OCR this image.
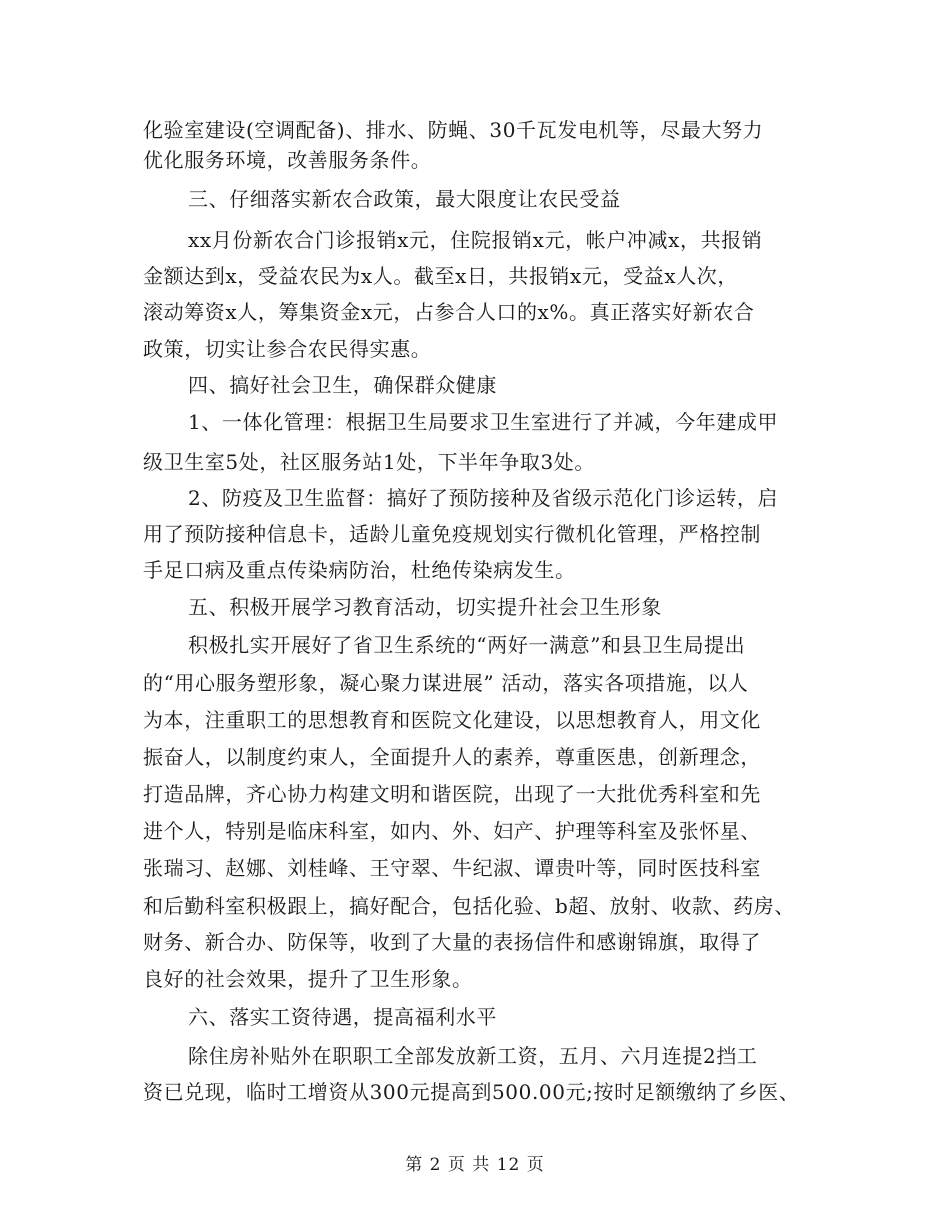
化验室建设(空调配备)、排水、防蝇、30千瓦发电机等，尽最大努力
优化服务环境，改善服务条件。
三、仔细落实新农合政策，最大限度让农民受益
xx月份新农合门诊报销x元，住院报销x元，帐户冲减x，共报销
金额达到x，受益农民为x人。截至x日，共报销x元，受益x人次，
滚动筹资x人，筹集资金x元，占参合人口的x%。真正落实好新农合
政策，切实让参合农民得实惠。
四、搞好社会卫生，确保群众健康
1、一体化管理：根据卫生局要求卫生室进行了并减，今年建成甲
级卫生室5处，社区服务站1处，下半年争取3处。
2、防疫及卫生监督：搞好了预防接种及省级示范化门诊运转，启
用了预防接种信息卡，适龄儿童免疫规划实行微机化管理，严格控制
手足口病及重点传染病防治，杜绝传染病发生。
五、积极开展学习教育活动，切实提升社会卫生形象
积极扎实开展好了省卫生系统的“两好一满意”和县卫生局提出
的“用心服务塑形象，凝心聚力谋进展” 活动，落实各项措施，以人
为本，注重职工的思想教育和医院文化建设，以思想教育人，用文化
振奋人，以制度约束人，全面提升人的素养，尊重医患，创新理念，
打造品牌，齐心协力构建文明和谐医院，出现了一大批优秀科室和先
进个人，特别是临床科室，如内、外、妇产、护理等科室及张怀星、
张瑞习、赵娜、刘桂峰、王守翠、牛纪淑、谭贵叶等，同时医技科室
和后勤科室积极跟上，搞好配合，包括化验、b超、放射、收款、药房、
财务、新合办、防保等，收到了大量的表扬信件和感谢锦旗，取得了
良好的社会效果，提升了卫生形象。
六、落实工资待遇，提高福利水平
除住房补贴外在职职工全部发放新工资，五月、六月连提2挡工
资已兑现，临时工增资从300元提高到500.00元;按时足额缴纳了乡医、
第 2 页 共 12 页
